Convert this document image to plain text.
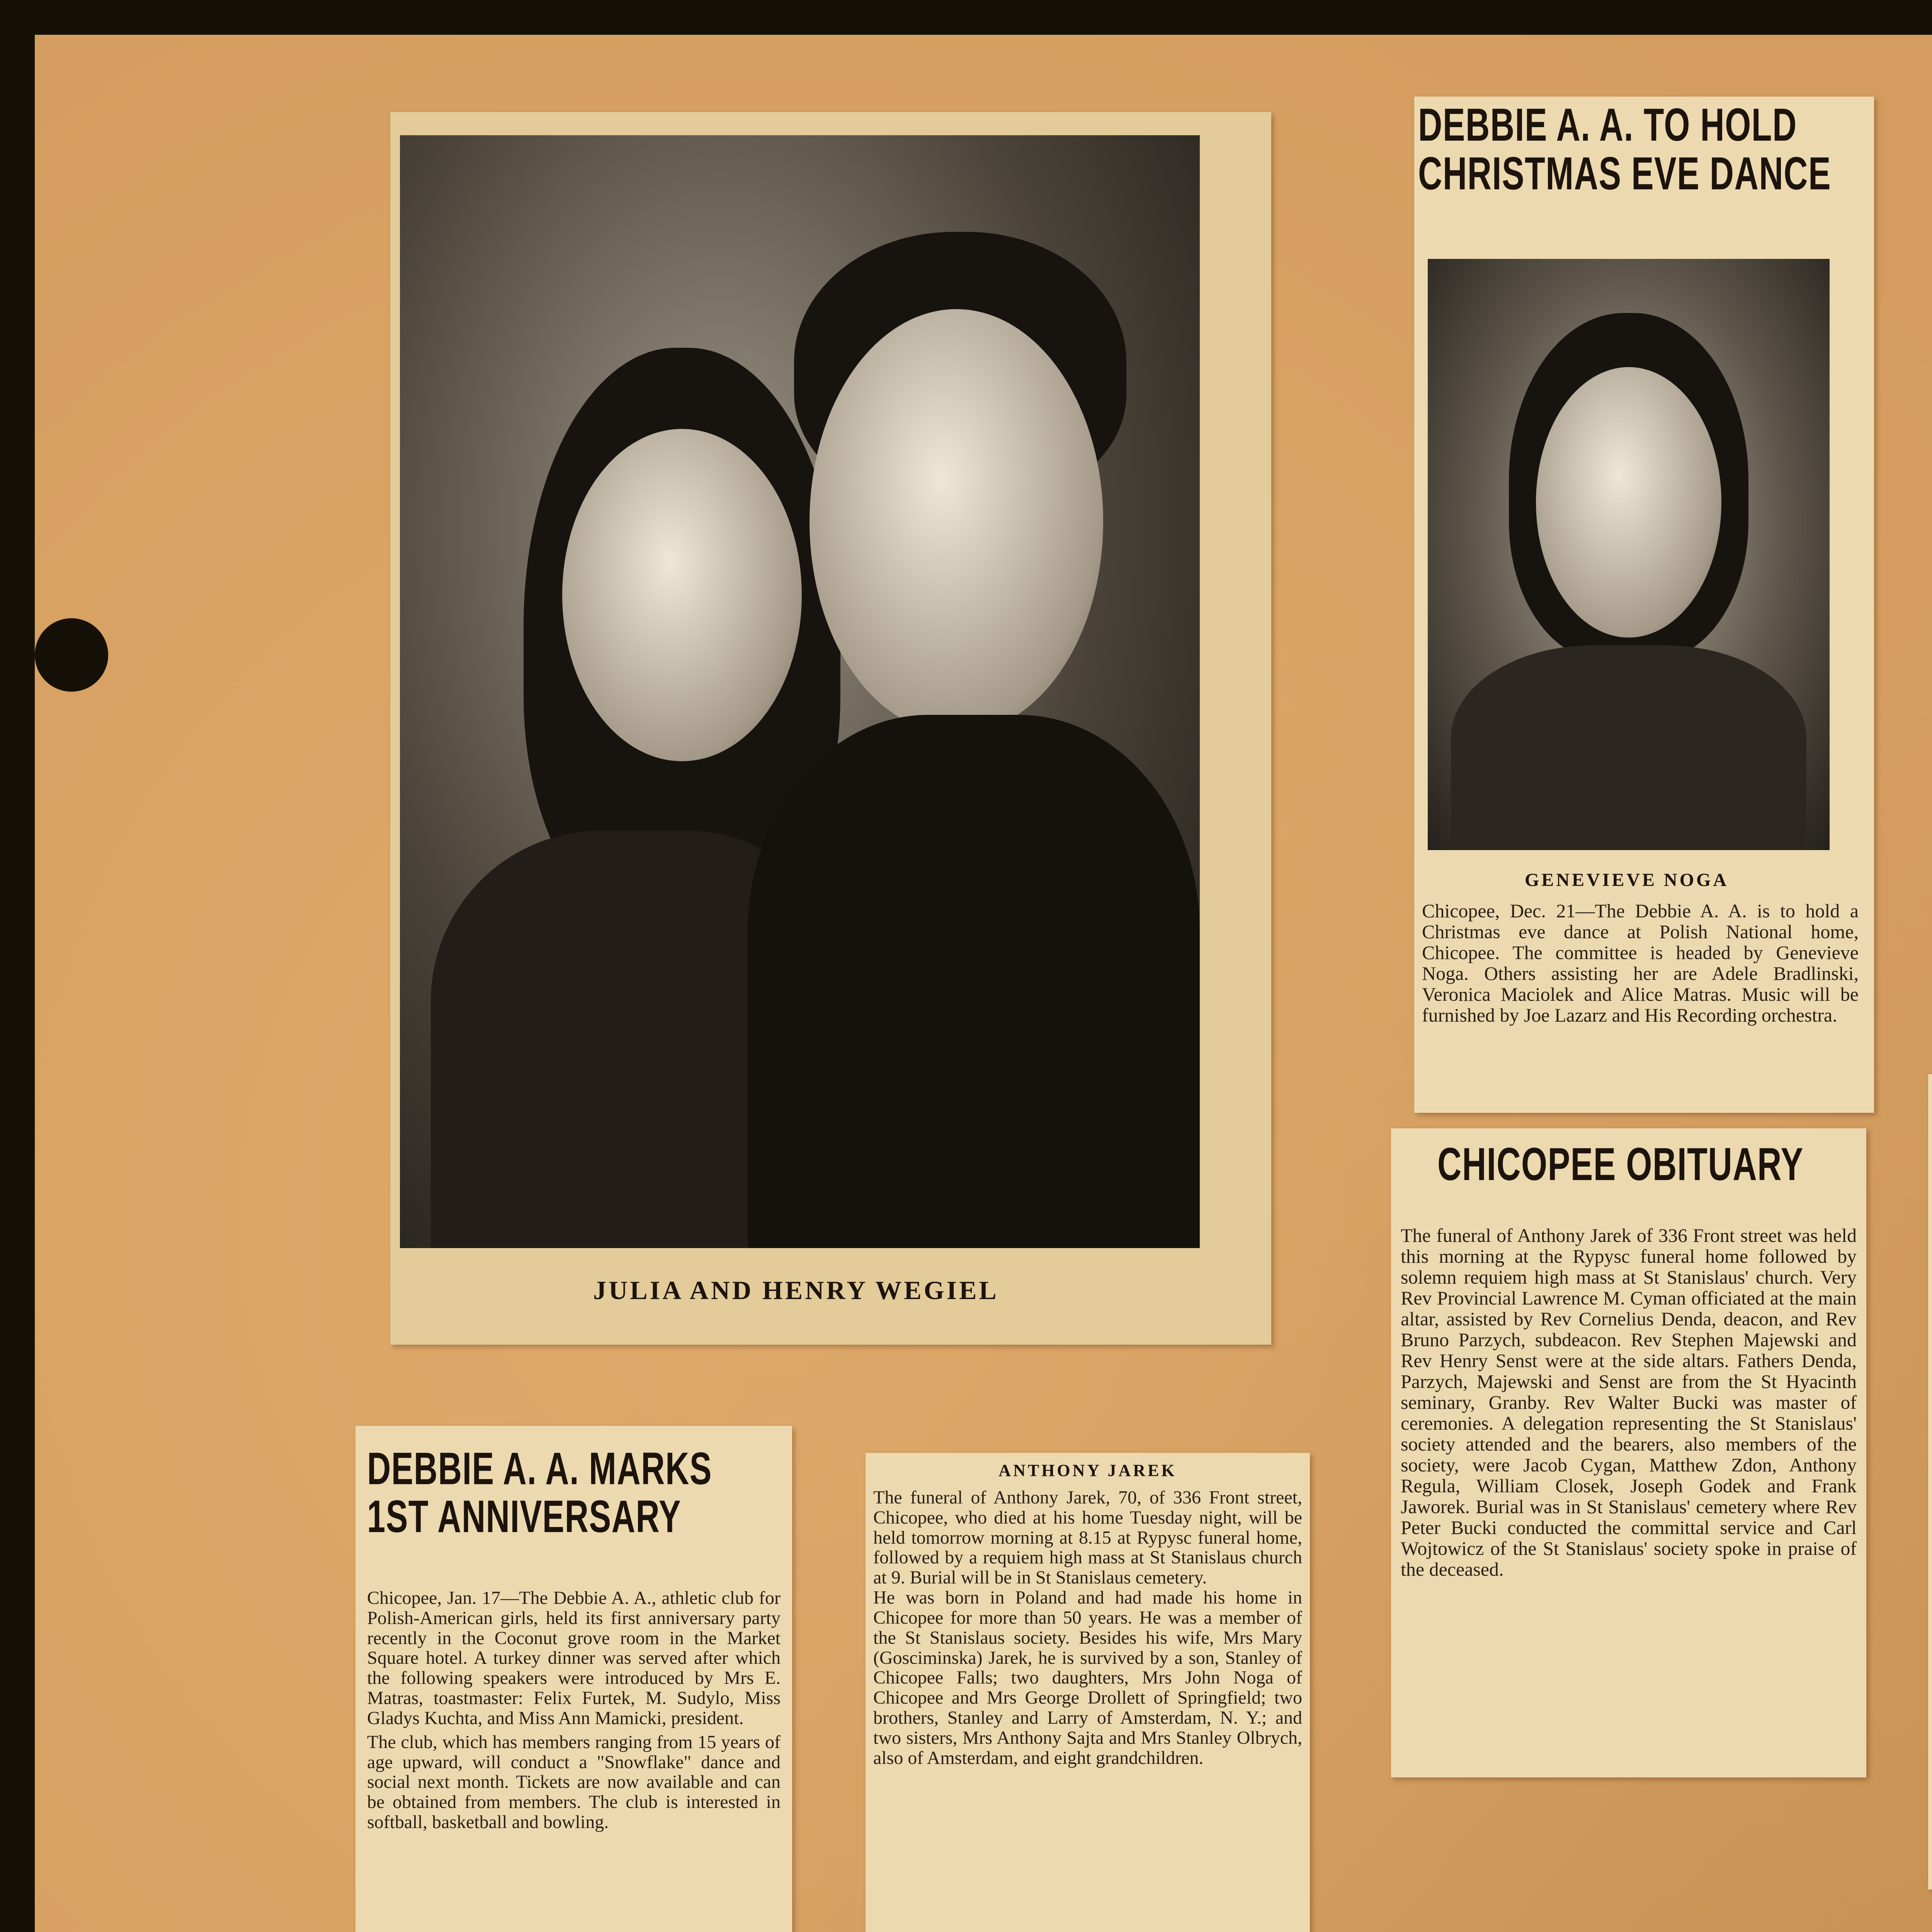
JULIA AND HENRY WEGIEL
DEBBIE A. A. TO HOLD
CHRISTMAS EVE DANCE
GENEVIEVE NOGA
Chicopee, Dec. 21—The Debbie A. A. is to hold a Christmas eve dance at Polish National home, Chicopee. The committee is headed by Genevieve Noga. Others assisting her are Adele Bradlinski, Veronica Maciolek and Alice Matras. Music will be furnished by Joe Lazarz and His Recording orchestra.
CHICOPEE OBITUARY
The funeral of Anthony Jarek of 336 Front street was held this morning at the Rypysc funeral home followed by solemn requiem high mass at St Stanislaus' church. Very Rev Provincial Lawrence M. Cyman officiated at the main altar, assisted by Rev Cornelius Denda, deacon, and Rev Bruno Parzych, subdeacon. Rev Stephen Majewski and Rev Henry Senst were at the side altars. Fathers Denda, Parzych, Majewski and Senst are from the St Hyacinth seminary, Granby. Rev Walter Bucki was master of ceremonies. A delegation representing the St Stanislaus' society attended and the bearers, also members of the society, were Jacob Cygan, Matthew Zdon, Anthony Regula, William Closek, Joseph Godek and Frank Jaworek. Burial was in St Stanislaus' cemetery where Rev Peter Bucki conducted the committal service and Carl Wojtowicz of the St Stanislaus' society spoke in praise of the deceased.
DEBBIE A. A. MARKS
1ST ANNIVERSARY
Chicopee, Jan. 17—The Debbie A. A., athletic club for Polish-American girls, held its first anniversary party recently in the Coconut grove room in the Market Square hotel. A turkey dinner was served after which the following speakers were introduced by Mrs E. Matras, toastmaster: Felix Furtek, M. Sudylo, Miss Gladys Kuchta, and Miss Ann Mamicki, president.
The club, which has members ranging from 15 years of age upward, will conduct a "Snowflake" dance and social next month. Tickets are now available and can be obtained from members. The club is interested in softball, basketball and bowling.
ANTHONY JAREK
The funeral of Anthony Jarek, 70, of 336 Front street, Chicopee, who died at his home Tuesday night, will be held tomorrow morning at 8.15 at Rypysc funeral home, followed by a requiem high mass at St Stanislaus church at 9. Burial will be in St Stanislaus cemetery.
He was born in Poland and had made his home in Chicopee for more than 50 years. He was a member of the St Stanislaus society. Besides his wife, Mrs Mary (Gosciminska) Jarek, he is survived by a son, Stanley of Chicopee Falls; two daughters, Mrs John Noga of Chicopee and Mrs George Drollett of Springfield; two brothers, Stanley and Larry of Amsterdam, N. Y.; and two sisters, Mrs Anthony Sajta and Mrs Stanley Olbrych, also of Amsterdam, and eight grandchildren.
